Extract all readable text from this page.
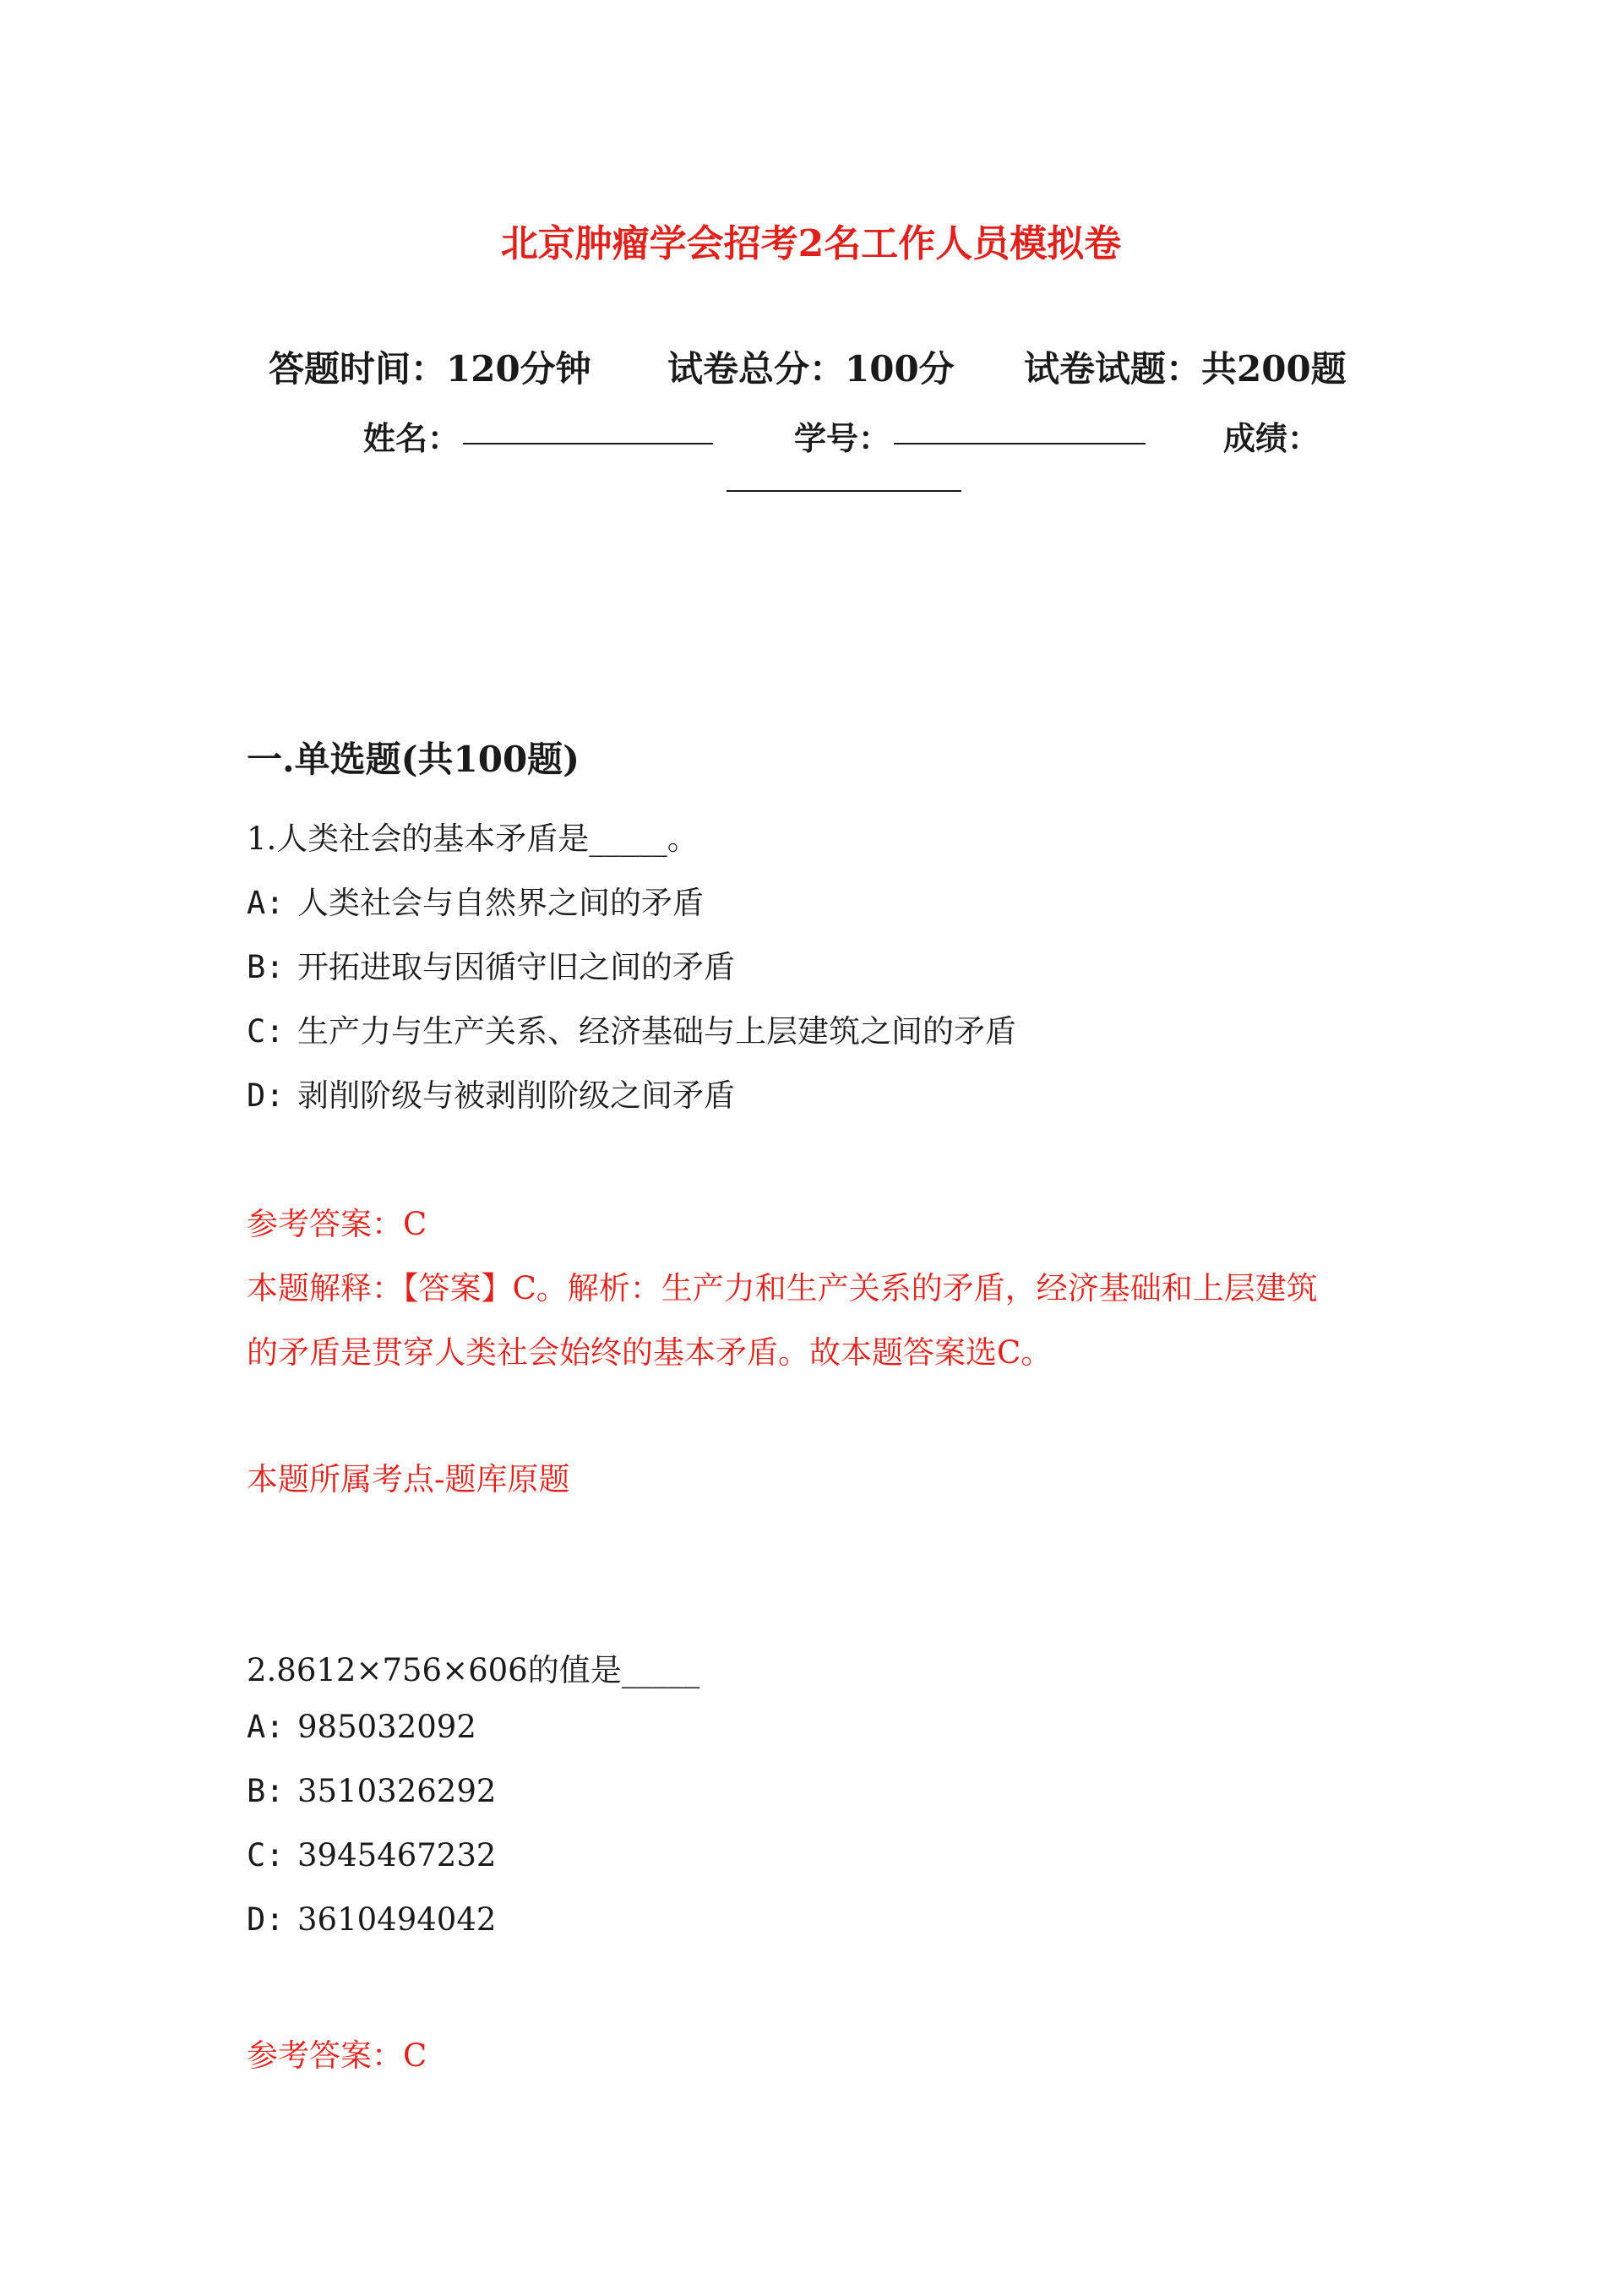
北京肿瘤学会招考2名工作人员模拟卷
答题时间：120分钟 试卷总分：100分 试卷试题：共200题
姓名：	学号：	成绩：
一.单选题(共100题)
1.人类社会的基本矛盾是_____。
A: 人类社会与自然界之间的矛盾
B: 开拓进取与因循守旧之间的矛盾
C: 生产力与生产关系、经济基础与上层建筑之间的矛盾
D: 剥削阶级与被剥削阶级之间矛盾
参考答案：C
本题解释：【答案】C。解析：生产力和生产关系的矛盾，经济基础和上层建筑
的矛盾是贯穿人类社会始终的基本矛盾。故本题答案选C。
本题所属考点-题库原题
2.8612×756×606的值是_____
A: 985032092
B: 3510326292
C: 3945467232
D: 3610494042
参考答案：C
